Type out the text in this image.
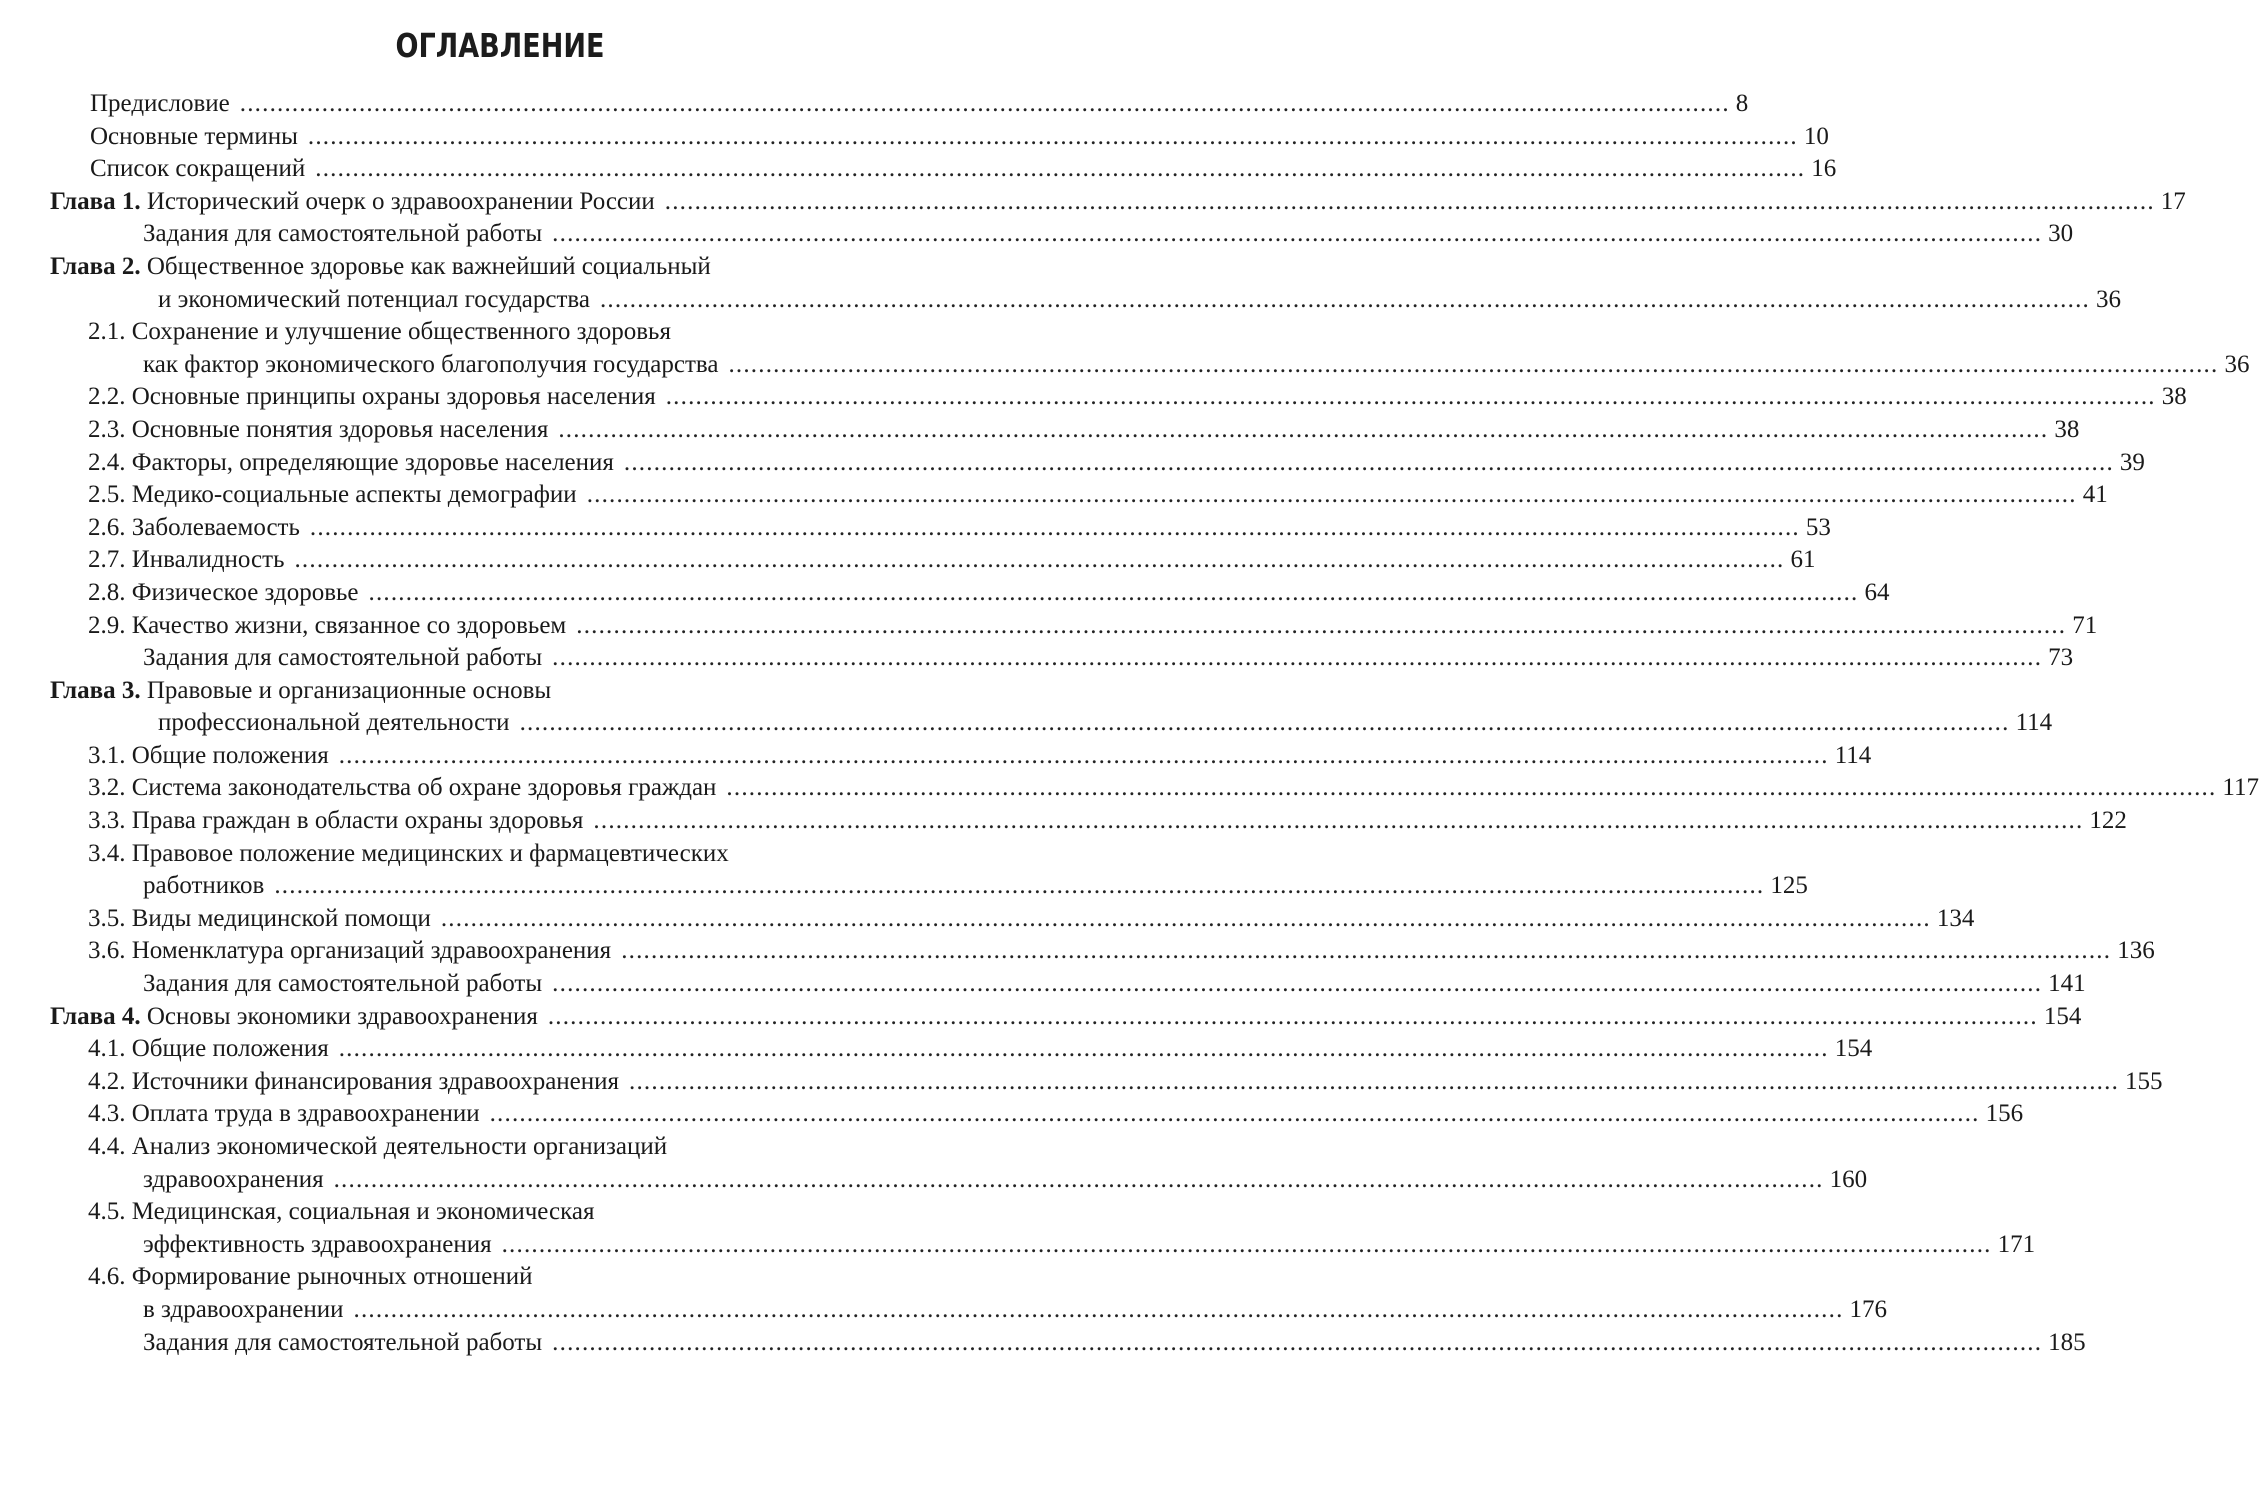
ОГЛАВЛЕНИЕ
Предисловие ........................................................................................................................................................................................................ 8
Основные термины ........................................................................................................................................................................................................ 10
Список сокращений ........................................................................................................................................................................................................ 16
Глава 1. Исторический очерк о здравоохранении России ........................................................................................................................................................................................................ 17
Задания для самостоятельной работы ........................................................................................................................................................................................................ 30
Глава 2. Общественное здоровье как важнейший социальный
и экономический потенциал государства ........................................................................................................................................................................................................ 36
2.1. Сохранение и улучшение общественного здоровья
как фактор экономического благополучия государства ........................................................................................................................................................................................................ 36
2.2. Основные принципы охраны здоровья населения ........................................................................................................................................................................................................ 38
2.3. Основные понятия здоровья населения ........................................................................................................................................................................................................ 38
2.4. Факторы, определяющие здоровье населения ........................................................................................................................................................................................................ 39
2.5. Медико-социальные аспекты демографии ........................................................................................................................................................................................................ 41
2.6. Заболеваемость ........................................................................................................................................................................................................ 53
2.7. Инвалидность ........................................................................................................................................................................................................ 61
2.8. Физическое здоровье ........................................................................................................................................................................................................ 64
2.9. Качество жизни, связанное со здоровьем ........................................................................................................................................................................................................ 71
Задания для самостоятельной работы ........................................................................................................................................................................................................ 73
Глава 3. Правовые и организационные основы
профессиональной деятельности ........................................................................................................................................................................................................ 114
3.1. Общие положения ........................................................................................................................................................................................................ 114
3.2. Система законодательства об охране здоровья граждан ........................................................................................................................................................................................................ 117
3.3. Права граждан в области охраны здоровья ........................................................................................................................................................................................................ 122
3.4. Правовое положение медицинских и фармацевтических
работников ........................................................................................................................................................................................................ 125
3.5. Виды медицинской помощи ........................................................................................................................................................................................................ 134
3.6. Номенклатура организаций здравоохранения ........................................................................................................................................................................................................ 136
Задания для самостоятельной работы ........................................................................................................................................................................................................ 141
Глава 4. Основы экономики здравоохранения ........................................................................................................................................................................................................ 154
4.1. Общие положения ........................................................................................................................................................................................................ 154
4.2. Источники финансирования здравоохранения ........................................................................................................................................................................................................ 155
4.3. Оплата труда в здравоохранении ........................................................................................................................................................................................................ 156
4.4. Анализ экономической деятельности организаций
здравоохранения ........................................................................................................................................................................................................ 160
4.5. Медицинская, социальная и экономическая
эффективность здравоохранения ........................................................................................................................................................................................................ 171
4.6. Формирование рыночных отношений
в здравоохранении ........................................................................................................................................................................................................ 176
Задания для самостоятельной работы ........................................................................................................................................................................................................ 185
